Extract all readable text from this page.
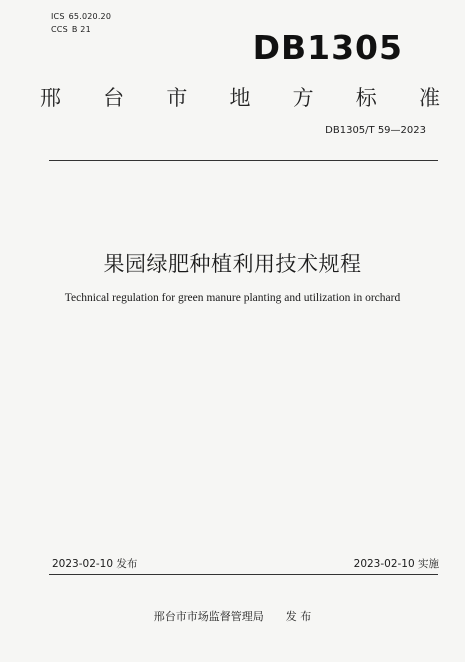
ICS 65.020.20
CCS B 21	DB1305
邢 台 市 地 方 标 准
DB1305/T 59—2023
果园绿肥种植利用技术规程
Technical regulation for green manure planting and utilization in orchard
2023-02-10 发布	2023-02-10 实施
邢台市市场监督管理局 发 布
